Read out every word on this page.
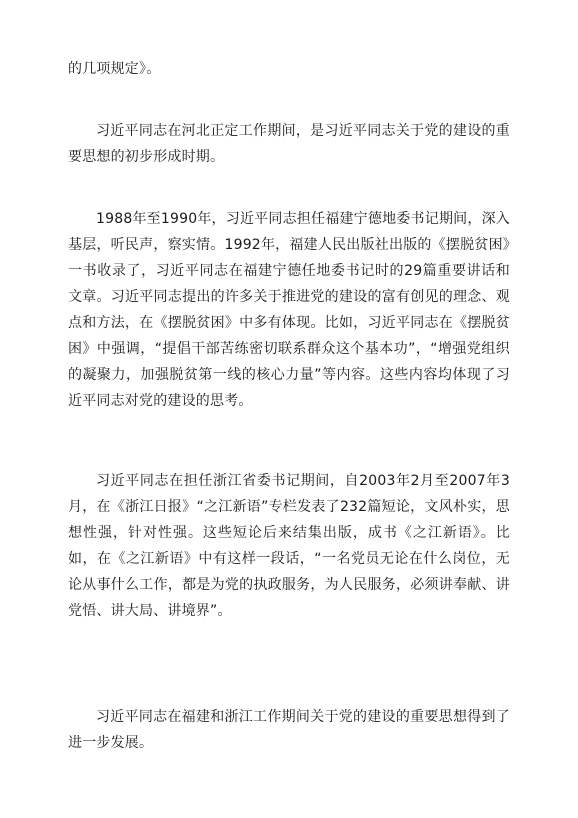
的几项规定》。

习近平同志在河北正定工作期间，是习近平同志关于党的建设的重要思想的初步形成时期。

1988年至1990年，习近平同志担任福建宁德地委书记期间，深入基层，听民声，察实情。1992年，福建人民出版社出版的《摆脱贫困》一书收录了，习近平同志在福建宁德任地委书记时的29篇重要讲话和文章。习近平同志提出的许多关于推进党的建设的富有创见的理念、观点和方法，在《摆脱贫困》中多有体现。比如，习近平同志在《摆脱贫困》中强调，“提倡干部苦练密切联系群众这个基本功”，“增强党组织的凝聚力，加强脱贫第一线的核心力量”等内容。这些内容均体现了习近平同志对党的建设的思考。

习近平同志在担任浙江省委书记期间，自2003年2月至2007年3月，在《浙江日报》“之江新语”专栏发表了232篇短论，文风朴实，思想性强，针对性强。这些短论后来结集出版，成书《之江新语》。比如，在《之江新语》中有这样一段话，“一名党员无论在什么岗位，无论从事什么工作，都是为党的执政服务，为人民服务，必须讲奉献、讲党悟、讲大局、讲境界”。

习近平同志在福建和浙江工作期间关于党的建设的重要思想得到了进一步发展。
